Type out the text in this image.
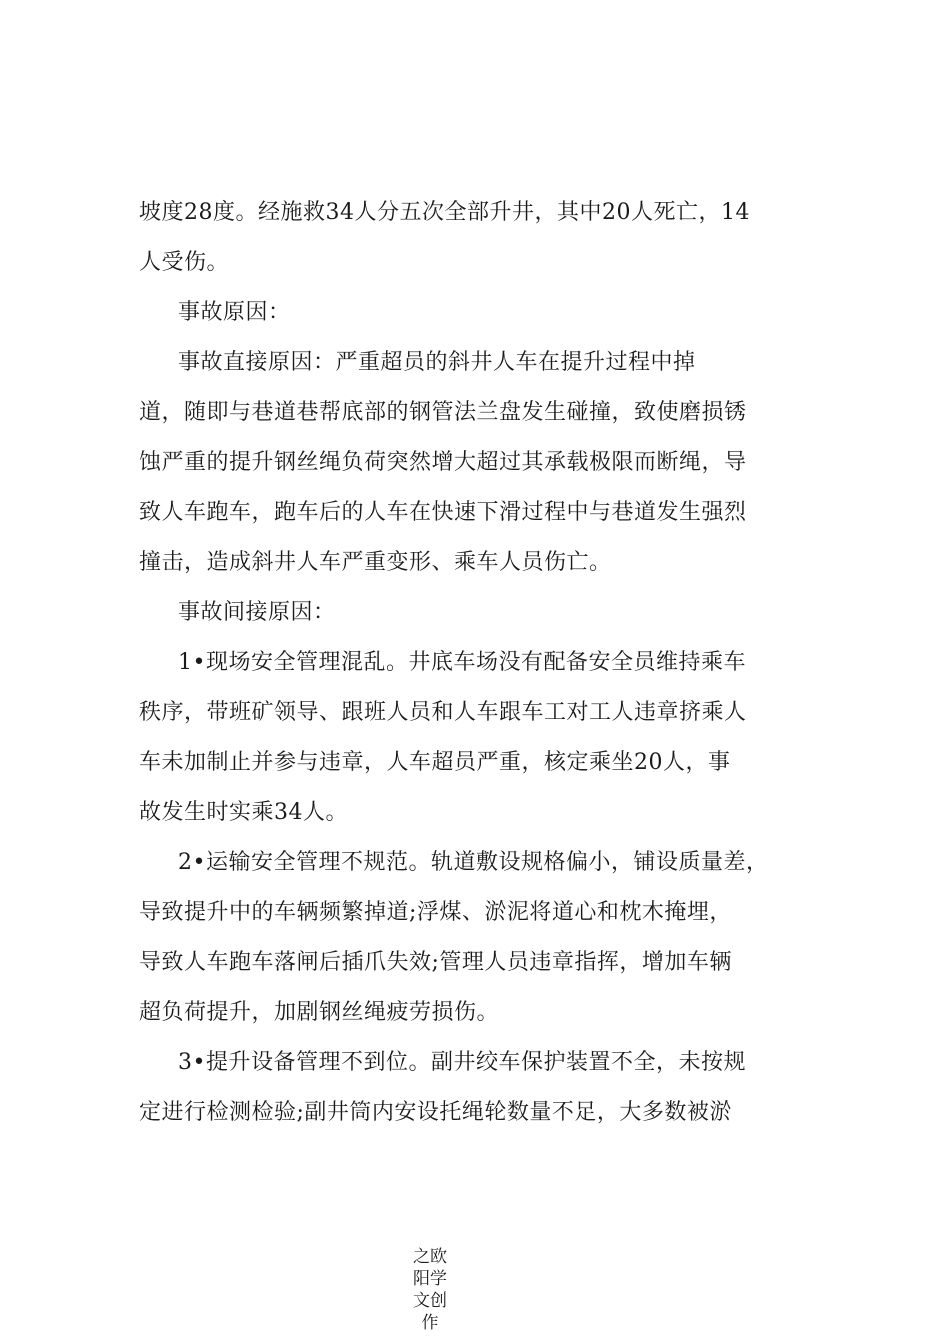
坡度28度。经施救34人分五次全部升井，其中20人死亡，14
人受伤。
事故原因：
事故直接原因：严重超员的斜井人车在提升过程中掉
道，随即与巷道巷帮底部的钢管法兰盘发生碰撞，致使磨损锈
蚀严重的提升钢丝绳负荷突然增大超过其承载极限而断绳，导
致人车跑车，跑车后的人车在快速下滑过程中与巷道发生强烈
撞击，造成斜井人车严重变形、乘车人员伤亡。
事故间接原因：
1•现场安全管理混乱。井底车场没有配备安全员维持乘车
秩序，带班矿领导、跟班人员和人车跟车工对工人违章挤乘人
车未加制止并参与违章，人车超员严重，核定乘坐20人，事
故发生时实乘34人。
2•运输安全管理不规范。轨道敷设规格偏小，铺设质量差，
导致提升中的车辆频繁掉道;浮煤、淤泥将道心和枕木掩埋，
导致人车跑车落闸后插爪失效;管理人员违章指挥，增加车辆
超负荷提升，加剧钢丝绳疲劳损伤。
3•提升设备管理不到位。副井绞车保护装置不全，未按规
定进行检测检验;副井筒内安设托绳轮数量不足，大多数被淤
之欧阳学文创作
